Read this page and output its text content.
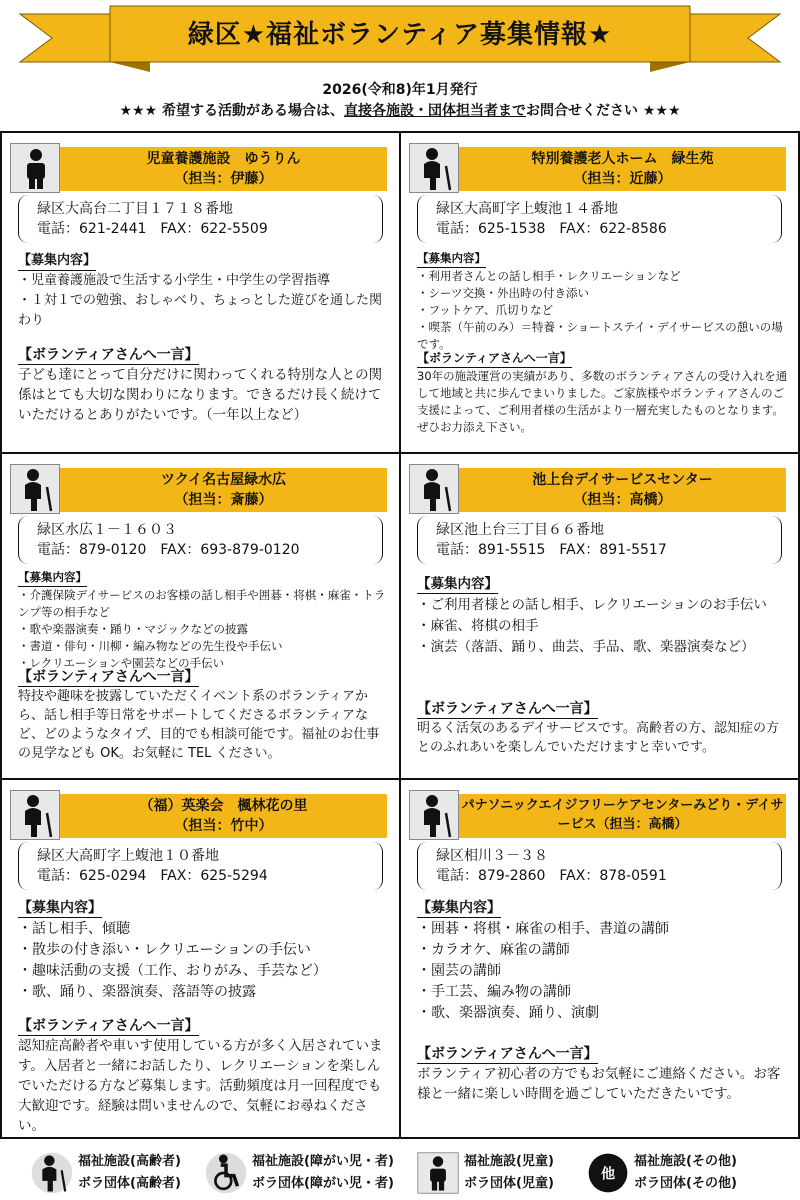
緑区★福祉ボランティア募集情報★
2026(令和8)年1月発行
★★★ 希望する活動がある場合は、直接各施設・団体担当者までお問合せください ★★★
児童養護施設　ゆうりん
（担当：伊藤）
緑区大高台二丁目１７１８番地
電話：621-2441　FAX：622-5509
【募集内容】
・児童養護施設で生活する小学生・中学生の学習指導
・１対１での勉強、おしゃべり、ちょっとした遊びを通した関わり
【ボランティアさんへ一言】
子ども達にとって自分だけに関わってくれる特別な人との関係はとても大切な関わりになります。できるだけ長く続けていただけるとありがたいです。（一年以上など）
特別養護老人ホーム　緑生苑
（担当：近藤）
緑区大高町字上蝮池１４番地
電話：625-1538　FAX：622-8586
【募集内容】
・利用者さんとの話し相手・レクリエーションなど
・シーツ交換・外出時の付き添い
・フットケア、爪切りなど
・喫茶（午前のみ）＝特養・ショートステイ・デイサービスの憩いの場です。
【ボランティアさんへ一言】
30年の施設運営の実績があり、多数のボランティアさんの受け入れを通して地域と共に歩んでまいりました。ご家族様やボランティアさんのご支援によって、ご利用者様の生活がより一層充実したものとなります。ぜひお力添え下さい。
ツクイ名古屋緑水広
（担当：斎藤）
緑区水広１－１６０３
電話：879-0120　FAX：693-879-0120
【募集内容】
・介護保険デイサービスのお客様の話し相手や囲碁・将棋・麻雀・トランプ等の相手など
・歌や楽器演奏・踊り・マジックなどの披露
・書道・俳句・川柳・編み物などの先生役や手伝い
・レクリエーションや園芸などの手伝い
【ボランティアさんへ一言】
特技や趣味を披露していただくイベント系のボランティアから、話し相手等日常をサポートしてくださるボランティアなど、どのようなタイプ、目的でも相談可能です。福祉のお仕事の見学なども OK。お気軽に TEL ください。
池上台デイサービスセンター
（担当：高橋）
緑区池上台三丁目６６番地
電話：891-5515　FAX：891-5517
【募集内容】
・ご利用者様との話し相手、レクリエーションのお手伝い
・麻雀、将棋の相手
・演芸（落語、踊り、曲芸、手品、歌、楽器演奏など）
【ボランティアさんへ一言】
明るく活気のあるデイサービスです。高齢者の方、認知症の方とのふれあいを楽しんでいただけますと幸いです。
（福）英楽会　楓林花の里
（担当：竹中）
緑区大高町字上蝮池１０番地
電話：625-0294　FAX：625-5294
【募集内容】
・話し相手、傾聴
・散歩の付き添い・レクリエーションの手伝い
・趣味活動の支援（工作、おりがみ、手芸など）
・歌、踊り、楽器演奏、落語等の披露
【ボランティアさんへ一言】
認知症高齢者や車いす使用している方が多く入居されています。入居者と一緒にお話したり、レクリエーションを楽しんでいただける方など募集します。活動頻度は月一回程度でも大歓迎です。経験は問いませんので、気軽にお尋ねください。
パナソニックエイジフリーケアセンターみどり・デイサービス（担当：高橋）
緑区相川３－３８
電話：879-2860　FAX：878-0591
【募集内容】
・囲碁・将棋・麻雀の相手、書道の講師
・カラオケ、麻雀の講師
・園芸の講師
・手工芸、編み物の講師
・歌、楽器演奏、踊り、演劇
【ボランティアさんへ一言】
ボランティア初心者の方でもお気軽にご連絡ください。お客様と一緒に楽しい時間を過ごしていただきたいです。
福祉施設(高齢者)
ボラ団体(高齢者)
福祉施設(障がい児・者)
ボラ団体(障がい児・者)
福祉施設(児童)
ボラ団体(児童)
他
福祉施設(その他)
ボラ団体(その他)
